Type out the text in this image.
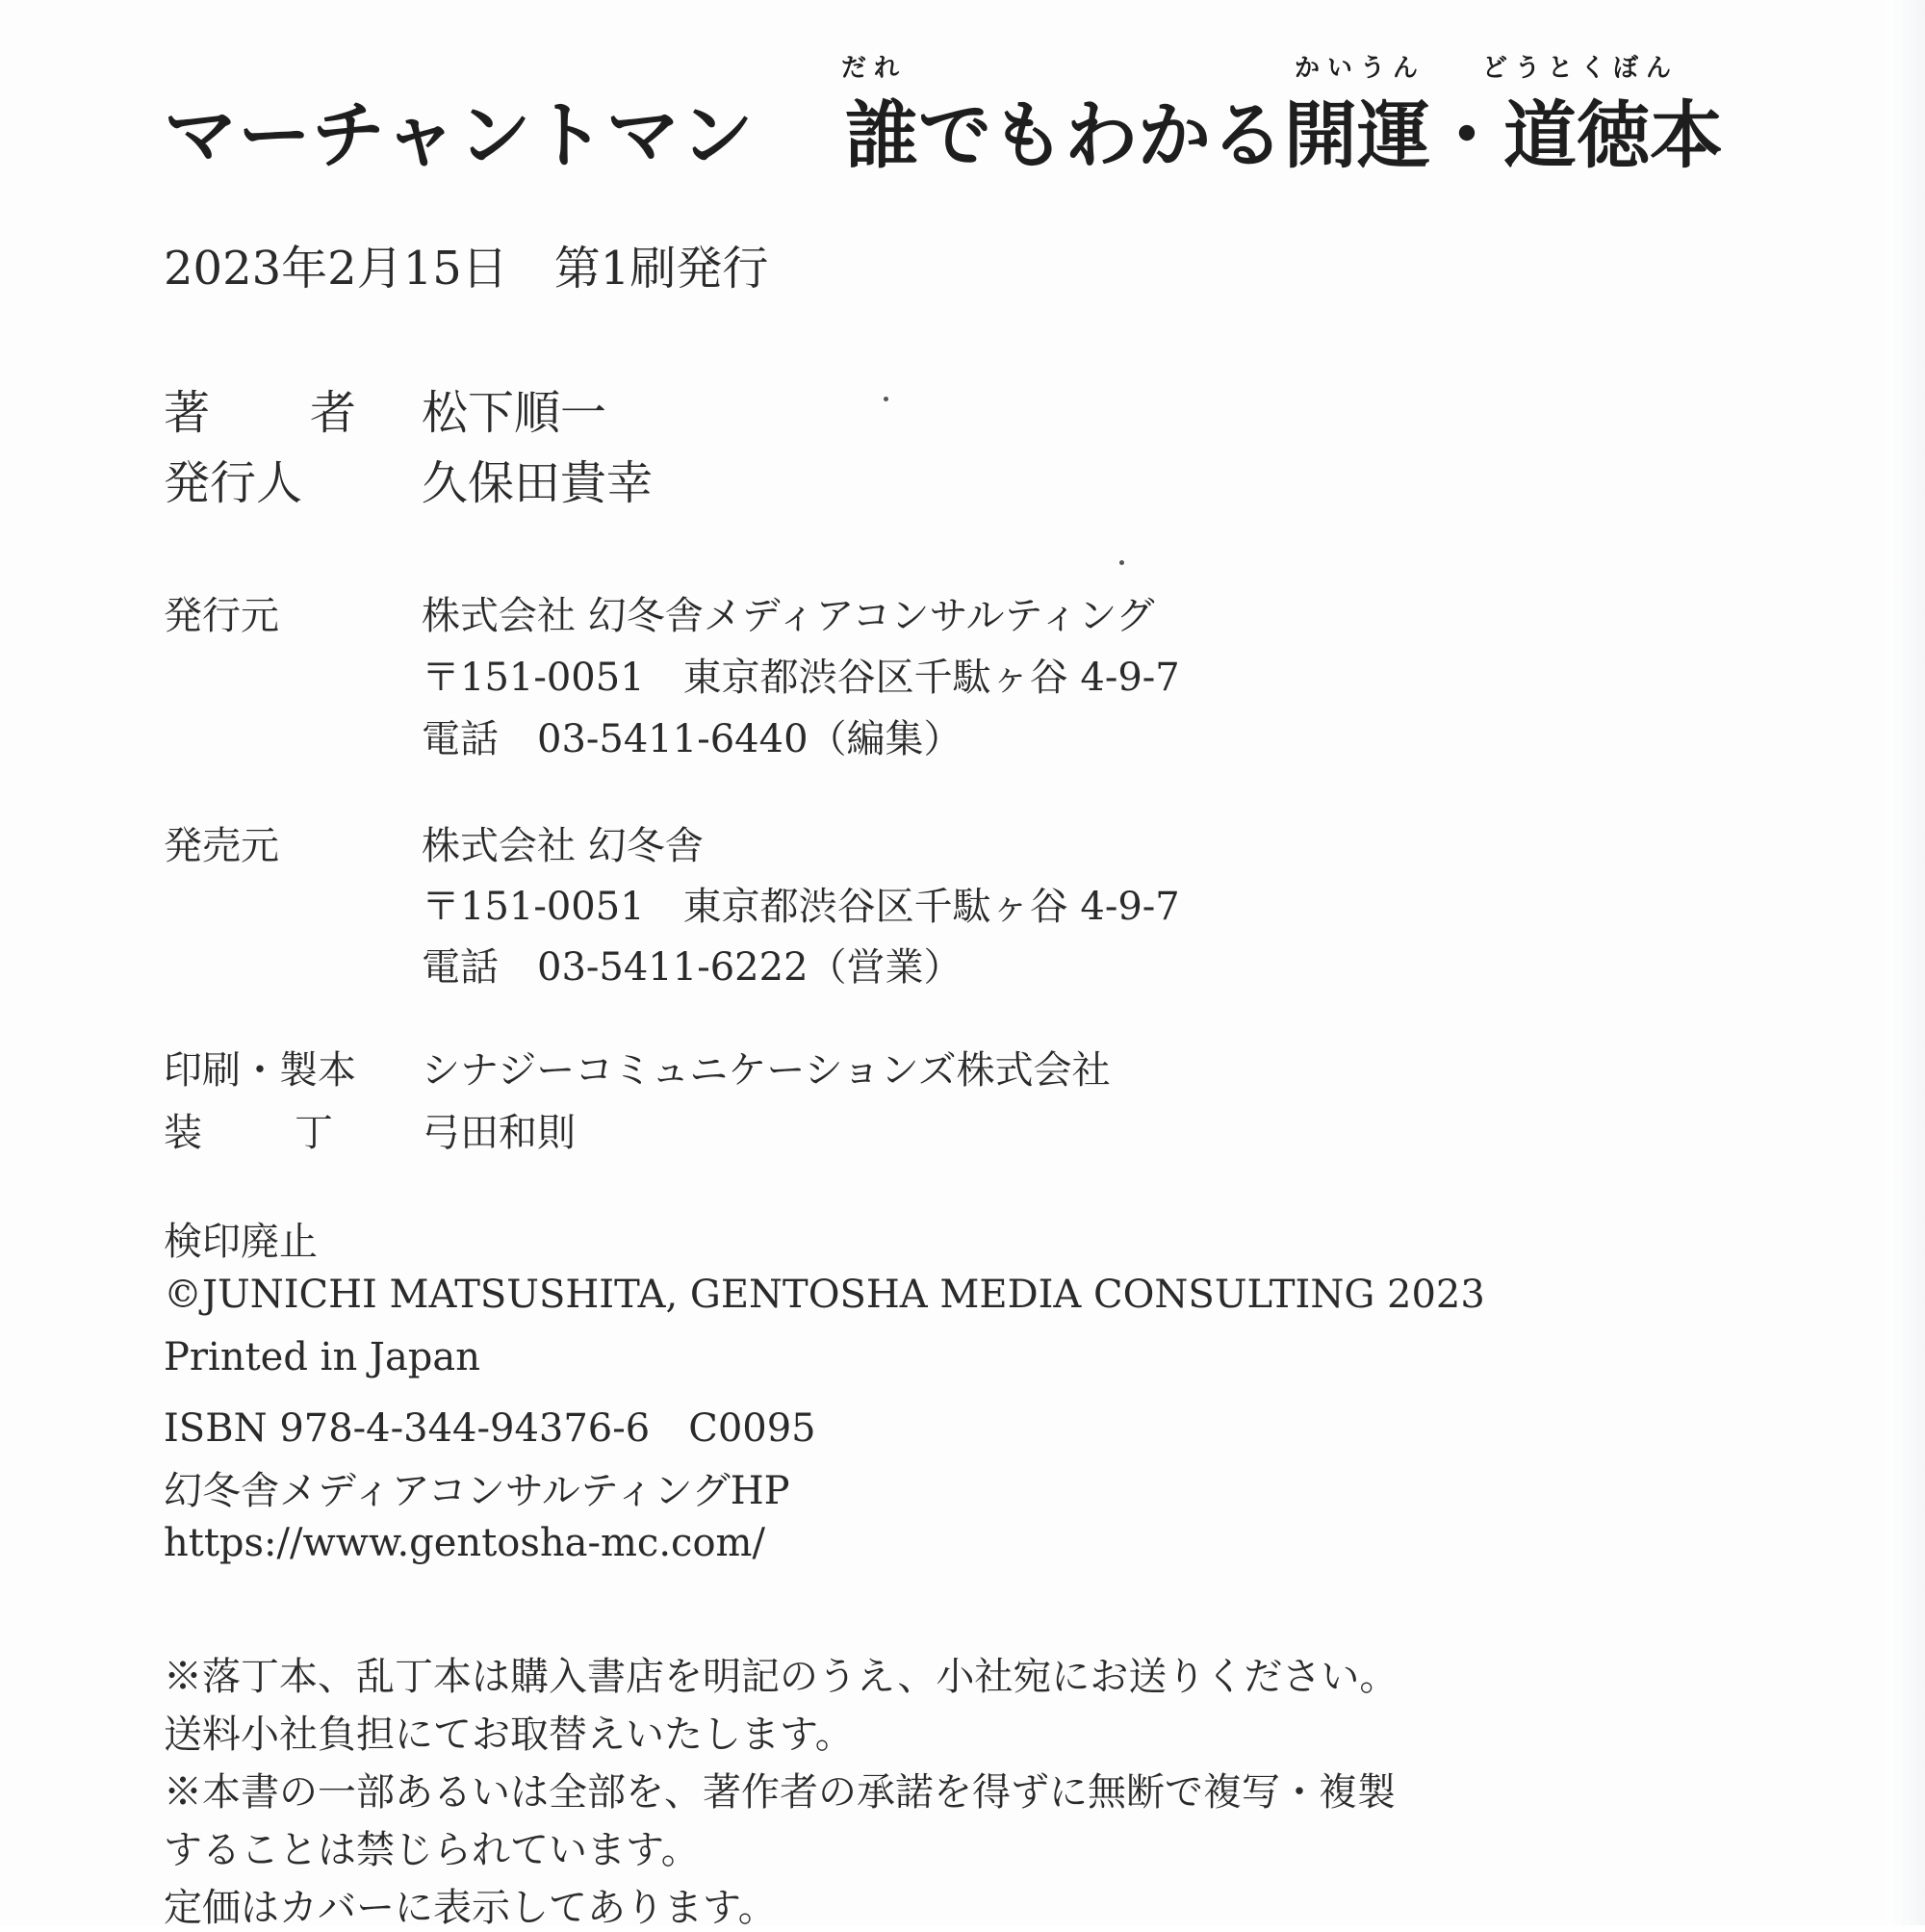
だれ	かいうん どうとくぼん
マーチャントマン 誰でもわかる開運・道徳本
2023年2月15日　第1刷発行
著　者 松下順一
発行人	久保田貴幸
発行元	株式会社 幻冬舎メディアコンサルティング
〒151-0051　東京都渋谷区千駄ヶ谷 4-9-7
電話　03-5411-6440（編集）
発売元	株式会社 幻冬舎
〒151-0051　東京都渋谷区千駄ヶ谷 4-9-7
電話　03-5411-6222（営業）
印刷・製本 シナジーコミュニケーションズ株式会社
装　丁 弓田和則
検印廃止
©JUNICHI MATSUSHITA, GENTOSHA MEDIA CONSULTING 2023
Printed in Japan
ISBN 978-4-344-94376-6　C0095
幻冬舎メディアコンサルティングHP
https://www.gentosha-mc.com/
※落丁本、乱丁本は購入書店を明記のうえ、小社宛にお送りください。
送料小社負担にてお取替えいたします。
※本書の一部あるいは全部を、著作者の承諾を得ずに無断で複写・複製
することは禁じられています。
定価はカバーに表示してあります。
